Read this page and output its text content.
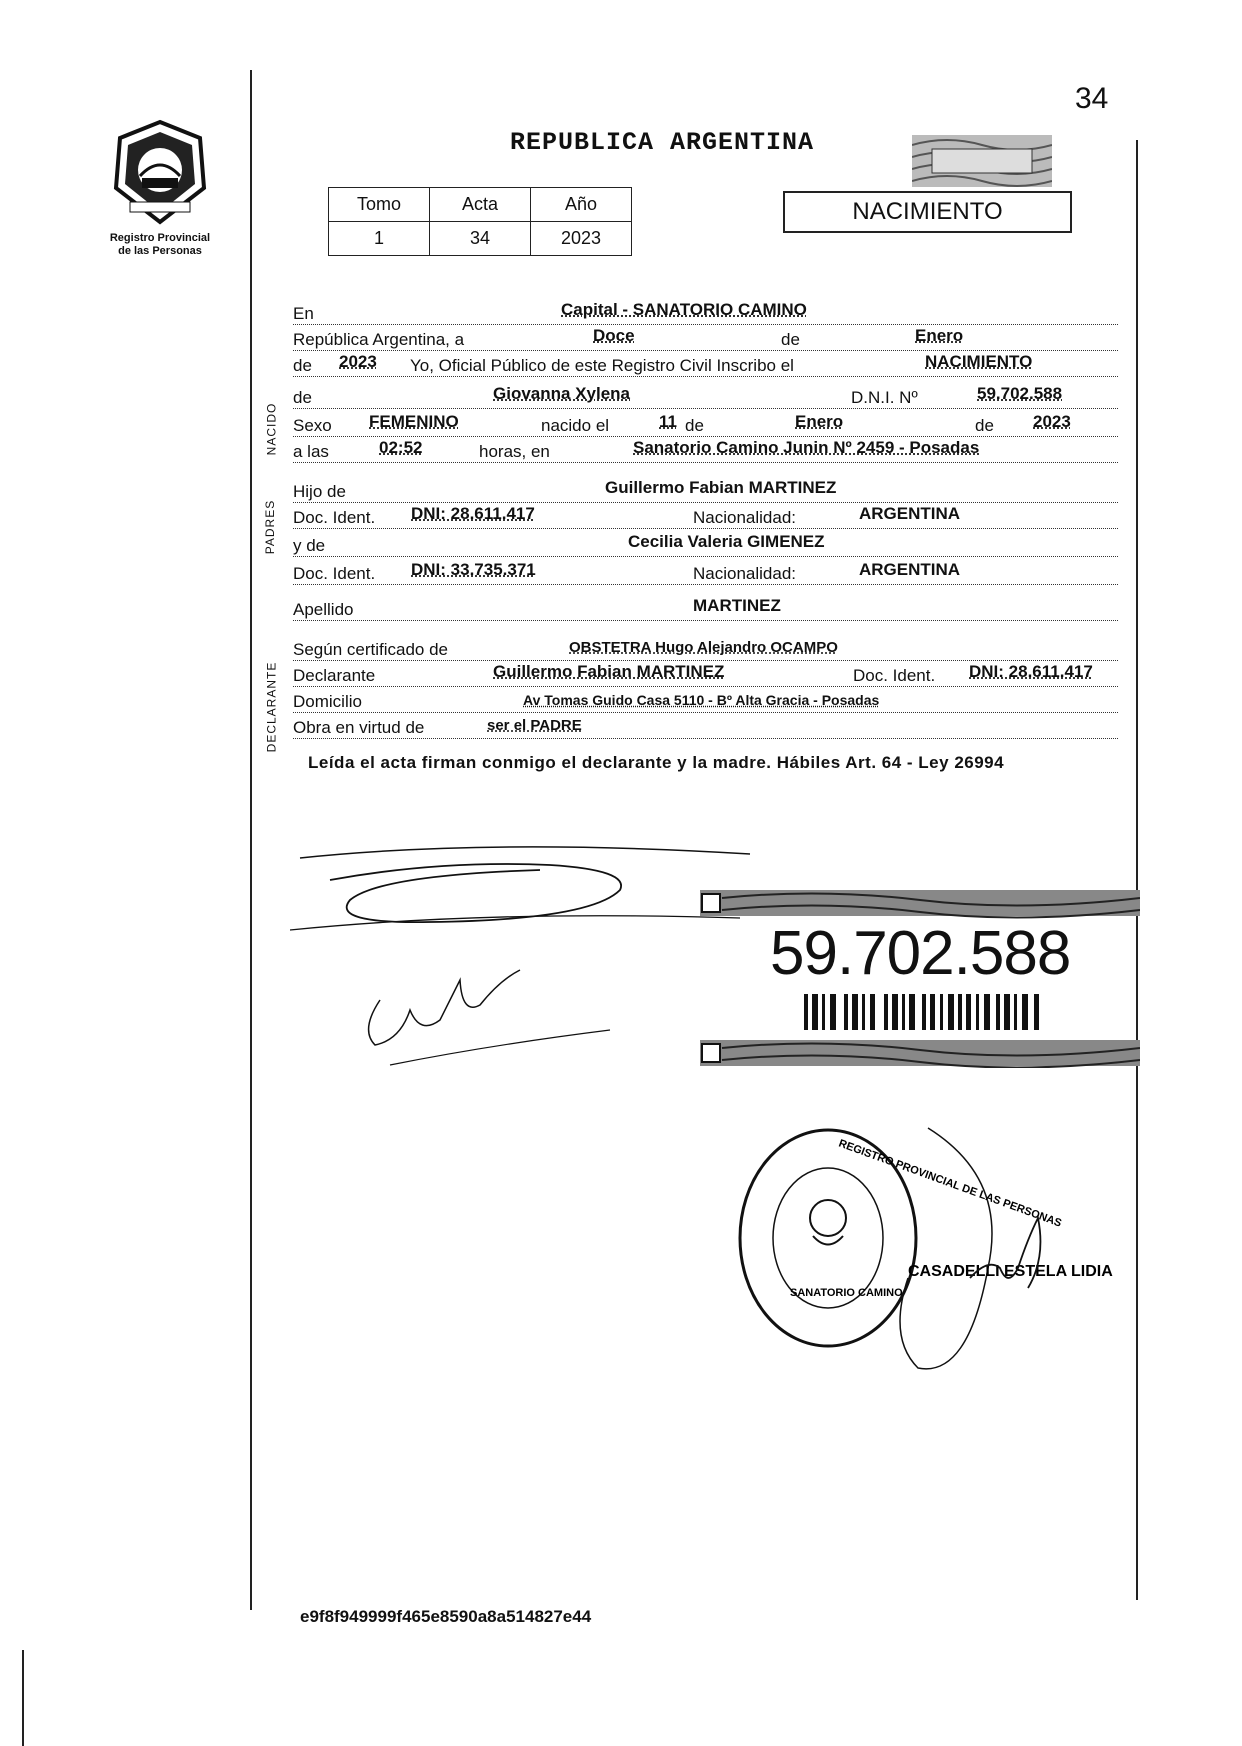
34
Registro Provincial
de las Personas
REPUBLICA ARGENTINA
Tomo	Acta	Año
1	34	2023
NACIMIENTO
NACIDO
PADRES
DECLARANTE
En	Capital - SANATORIO CAMINO
República Argentina, a	Doce	de	Enero
de 2023 Yo, Oficial Público de este Registro Civil Inscribo el	NACIMIENTO
de	Giovanna Xylena	D.N.I. Nº	59.702.588
Sexo FEMENINO	nacido el	11 de	Enero	de 2023
a las	02:52	horas, en	Sanatorio Camino Junin Nº 2459 - Posadas
Hijo de	Guillermo Fabian MARTINEZ
Doc. Ident. DNI: 28.611.417	Nacionalidad:	ARGENTINA
y de	Cecilia Valeria GIMENEZ
Doc. Ident. DNI: 33.735.371	Nacionalidad:	ARGENTINA
Apellido	MARTINEZ
Según certificado de	OBSTETRA Hugo Alejandro OCAMPO
Declarante	Guillermo Fabian MARTINEZ	Doc. Ident. DNI: 28.611.417
Domicilio	Av Tomas Guido Casa 5110 - Bº Alta Gracia - Posadas
Obra en virtud de	ser el PADRE
Leída el acta firman conmigo el declarante y la madre. Hábiles Art. 64 - Ley 26994
59.702.588
CASADELLI ESTELA LIDIA
REGISTRO PROVINCIAL DE LAS PERSONAS
SANATORIO CAMINO
e9f8f949999f465e8590a8a514827e44
